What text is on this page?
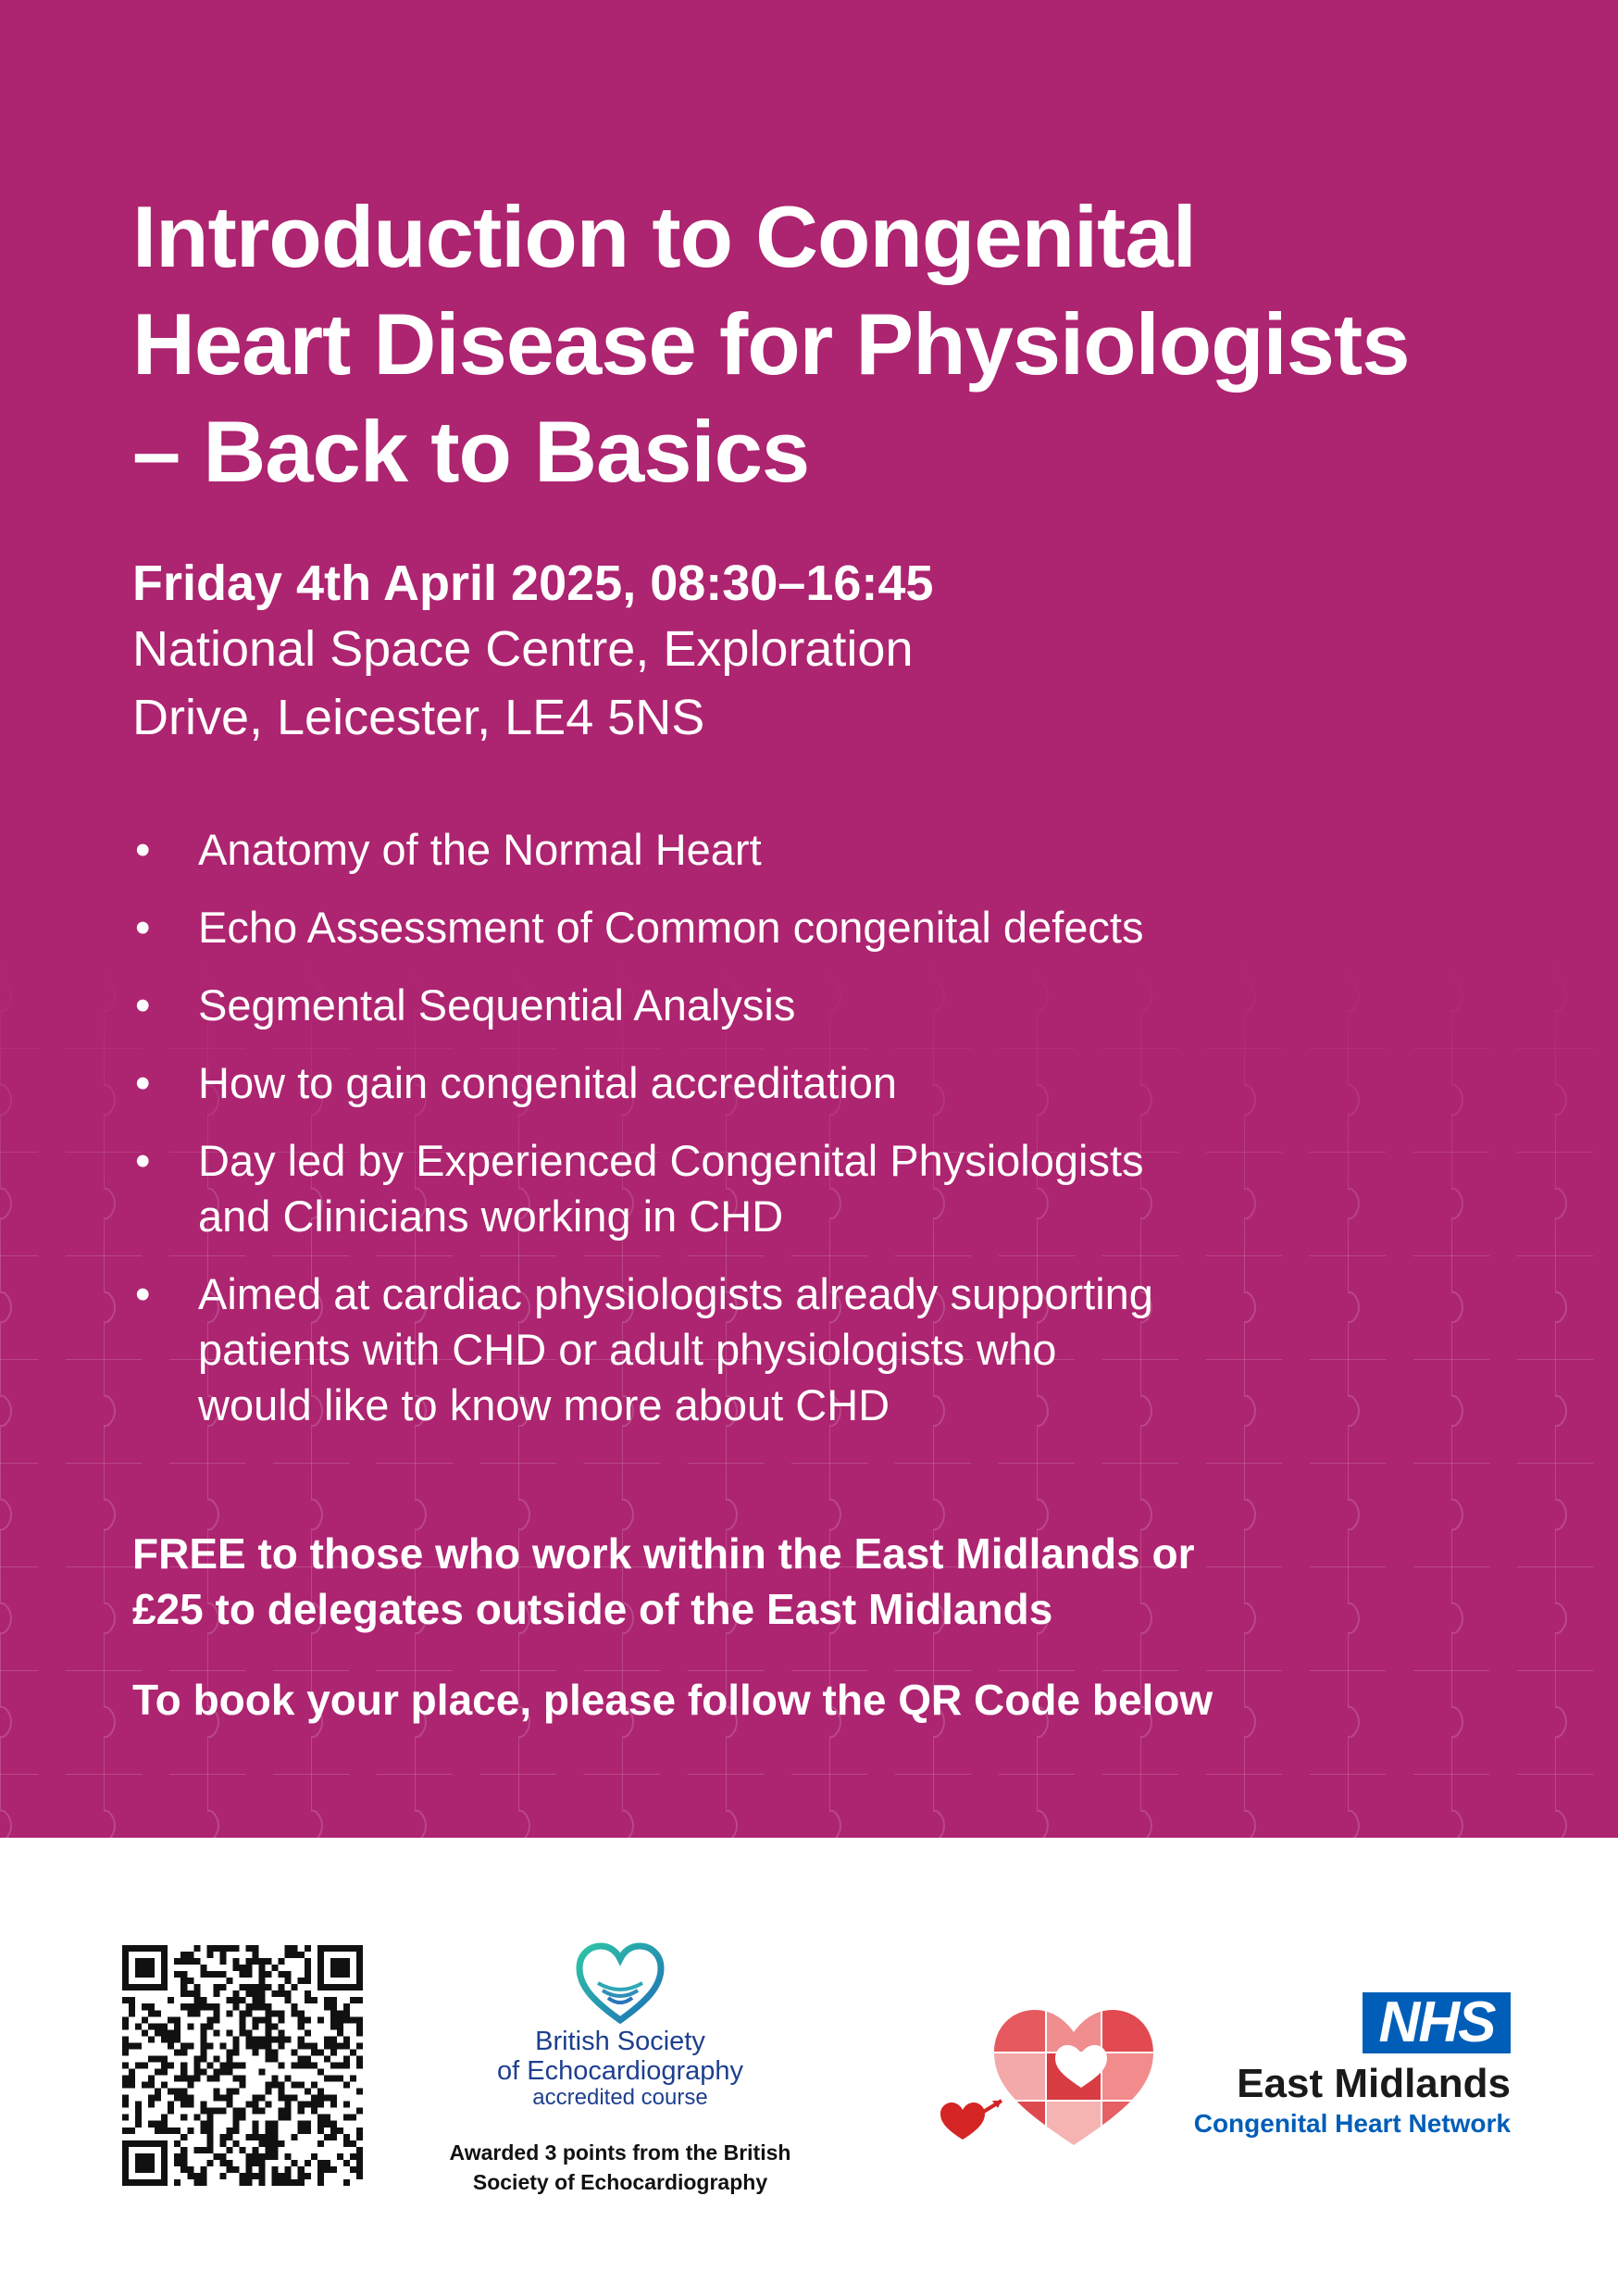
Introduction to Congenital
Heart Disease for Physiologists
– Back to Basics
Friday 4th April 2025, 08:30–16:45
National Space Centre, Exploration
Drive, Leicester, LE4 5NS
• Anatomy of the Normal Heart
• Echo Assessment of Common congenital defects
• Segmental Sequential Analysis
• How to gain congenital accreditation
• Day led by Experienced Congenital Physiologists
and Clinicians working in CHD
• Aimed at cardiac physiologists already supporting
patients with CHD or adult physiologists who
would like to know more about CHD
FREE to those who work within the East Midlands or
£25 to delegates outside of the East Midlands
To book your place, please follow the QR Code below
British Society
of Echocardiography
accredited course
Awarded 3 points from the British
Society of Echocardiography
NHS
East Midlands
Congenital Heart Network
